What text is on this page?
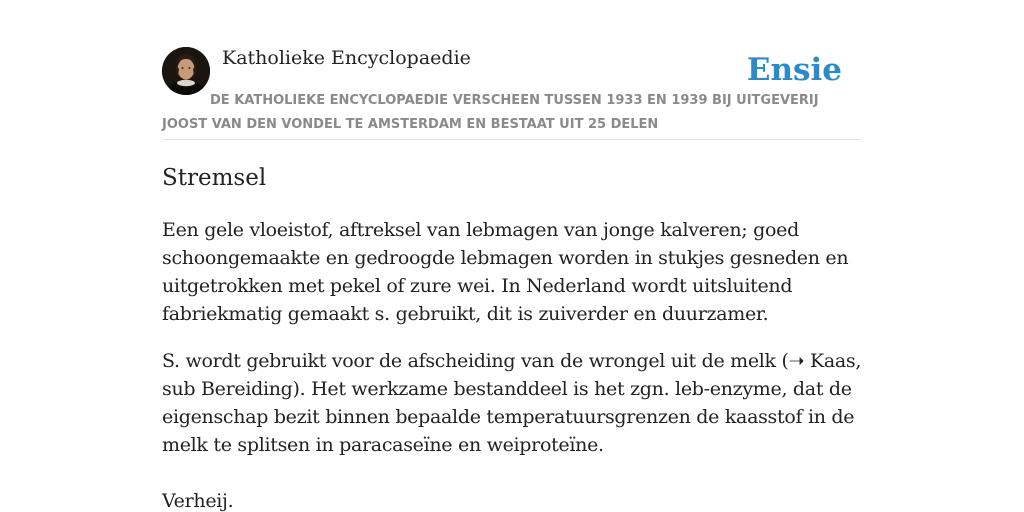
Katholieke Encyclopaedie	Ensie
DE KATHOLIEKE ENCYCLOPAEDIE VERSCHEEN TUSSEN 1933 EN 1939 BIJ UITGEVERIJ JOOST VAN DEN VONDEL TE AMSTERDAM EN BESTAAT UIT 25 DELEN
Stremsel

Een gele vloeistof, aftreksel van lebmagen van jonge kalveren; goed schoongemaakte en gedroogde lebmagen worden in stukjes gesneden en uitgetrokken met pekel of zure wei. In Nederland wordt uitsluitend fabriekmatig gemaakt s. gebruikt, dit is zuiverder en duurzamer.

S. wordt gebruikt voor de afscheiding van de wrongel uit de melk (➝ Kaas, sub Bereiding). Het werkzame bestanddeel is het zgn. leb-enzyme, dat de eigenschap bezit binnen bepaalde temperatuursgrenzen de kaasstof in de melk te splitsen in paracaseïne en weiproteïne.

Verheij.
